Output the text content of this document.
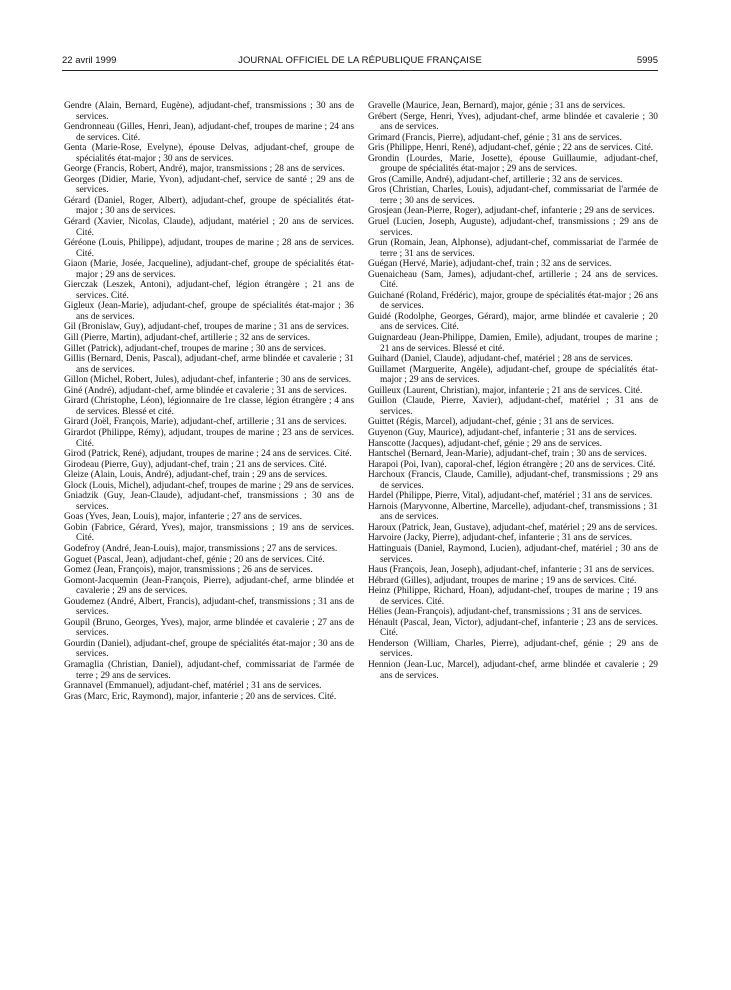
22 avril 1999	JOURNAL OFFICIEL DE LA RÉPUBLIQUE FRANÇAISE	5995

Gendre (Alain, Bernard, Eugène), adjudant-chef, transmissions ; 30 ans de services.

Gendronneau (Gilles, Henri, Jean), adjudant-chef, troupes de marine ; 24 ans de services. Cité.

Genta (Marie-Rose, Evelyne), épouse Delvas, adjudant-chef, groupe de spécialités état-major ; 30 ans de services.

George (Francis, Robert, André), major, transmissions ; 28 ans de services.

Georges (Didier, Marie, Yvon), adjudant-chef, service de santé ; 29 ans de services.

Gérard (Daniel, Roger, Albert), adjudant-chef, groupe de spécialités état-major ; 30 ans de services.

Gérard (Xavier, Nicolas, Claude), adjudant, matériel ; 20 ans de services. Cité.

Géréone (Louis, Philippe), adjudant, troupes de marine ; 28 ans de services. Cité.

Giaon (Marie, Josée, Jacqueline), adjudant-chef, groupe de spécialités état-major ; 29 ans de services.

Gierczak (Leszek, Antoni), adjudant-chef, légion étrangère ; 21 ans de services. Cité.

Gigleux (Jean-Marie), adjudant-chef, groupe de spécialités état-major ; 36 ans de services.

Gil (Bronislaw, Guy), adjudant-chef, troupes de marine ; 31 ans de services.

Gill (Pierre, Martin), adjudant-chef, artillerie ; 32 ans de services.

Gillet (Patrick), adjudant-chef, troupes de marine ; 30 ans de services.

Gillis (Bernard, Denis, Pascal), adjudant-chef, arme blindée et cavalerie ; 31 ans de services.

Gillon (Michel, Robert, Jules), adjudant-chef, infanterie ; 30 ans de services.

Giné (André), adjudant-chef, arme blindée et cavalerie ; 31 ans de services.

Girard (Christophe, Léon), légionnaire de 1re classe, légion étrangère ; 4 ans de services. Blessé et cité.

Girard (Joël, François, Marie), adjudant-chef, artillerie ; 31 ans de services.

Girardot (Philippe, Rémy), adjudant, troupes de marine ; 23 ans de services. Cité.

Girod (Patrick, René), adjudant, troupes de marine ; 24 ans de services. Cité.

Girodeau (Pierre, Guy), adjudant-chef, train ; 21 ans de services. Cité.

Gleize (Alain, Louis, André), adjudant-chef, train ; 29 ans de services.

Glock (Louis, Michel), adjudant-chef, troupes de marine ; 29 ans de services.

Gniadzik (Guy, Jean-Claude), adjudant-chef, transmissions ; 30 ans de services.

Goas (Yves, Jean, Louis), major, infanterie ; 27 ans de services.

Gobin (Fabrice, Gérard, Yves), major, transmissions ; 19 ans de services. Cité.

Godefroy (André, Jean-Louis), major, transmissions ; 27 ans de services.

Goguet (Pascal, Jean), adjudant-chef, génie ; 20 ans de services. Cité.

Gomez (Jean, François), major, transmissions ; 26 ans de services.

Gomont-Jacquemin (Jean-François, Pierre), adjudant-chef, arme blindée et cavalerie ; 29 ans de services.

Goudemez (André, Albert, Francis), adjudant-chef, transmissions ; 31 ans de services.

Goupil (Bruno, Georges, Yves), major, arme blindée et cavalerie ; 27 ans de services.

Gourdin (Daniel), adjudant-chef, groupe de spécialités état-major ; 30 ans de services.

Gramaglia (Christian, Daniel), adjudant-chef, commissariat de l'armée de terre ; 29 ans de services.

Grannavel (Emmanuel), adjudant-chef, matériel ; 31 ans de services.

Gras (Marc, Eric, Raymond), major, infanterie ; 20 ans de services. Cité.

Gravelle (Maurice, Jean, Bernard), major, génie ; 31 ans de services.

Grébert (Serge, Henri, Yves), adjudant-chef, arme blindée et cavalerie ; 30 ans de services.

Grimard (Francis, Pierre), adjudant-chef, génie ; 31 ans de services.

Gris (Philippe, Henri, René), adjudant-chef, génie ; 22 ans de services. Cité.

Grondin (Lourdes, Marie, Josette), épouse Guillaumie, adjudant-chef, groupe de spécialités état-major ; 29 ans de services.

Gros (Camille, André), adjudant-chef, artillerie ; 32 ans de services.

Gros (Christian, Charles, Louis), adjudant-chef, commissariat de l'armée de terre ; 30 ans de services.

Grosjean (Jean-Pierre, Roger), adjudant-chef, infanterie ; 29 ans de services.

Gruel (Lucien, Joseph, Auguste), adjudant-chef, transmissions ; 29 ans de services.

Grun (Romain, Jean, Alphonse), adjudant-chef, commissariat de l'armée de terre ; 31 ans de services.

Guégan (Hervé, Marie), adjudant-chef, train ; 32 ans de services.

Guenaicheau (Sam, James), adjudant-chef, artillerie ; 24 ans de services. Cité.

Guichané (Roland, Frédéric), major, groupe de spécialités état-major ; 26 ans de services.

Guidé (Rodolphe, Georges, Gérard), major, arme blindée et cavalerie ; 20 ans de services. Cité.

Guignardeau (Jean-Philippe, Damien, Emile), adjudant, troupes de marine ; 21 ans de services. Blessé et cité.

Guihard (Daniel, Claude), adjudant-chef, matériel ; 28 ans de services.

Guillamet (Marguerite, Angèle), adjudant-chef, groupe de spécialités état-major ; 29 ans de services.

Guilleux (Laurent, Christian), major, infanterie ; 21 ans de services. Cité.

Guillon (Claude, Pierre, Xavier), adjudant-chef, matériel ; 31 ans de services.

Guittet (Régis, Marcel), adjudant-chef, génie ; 31 ans de services.

Guyenon (Guy, Maurice), adjudant-chef, infanterie ; 31 ans de services.

Hanscotte (Jacques), adjudant-chef, génie ; 29 ans de services.

Hantschel (Bernard, Jean-Marie), adjudant-chef, train ; 30 ans de services.

Harapoi (Poi, Ivan), caporal-chef, légion étrangère ; 20 ans de services. Cité.

Harchoux (Francis, Claude, Camille), adjudant-chef, transmissions ; 29 ans de services.

Hardel (Philippe, Pierre, Vital), adjudant-chef, matériel ; 31 ans de services.

Harnois (Maryvonne, Albertine, Marcelle), adjudant-chef, transmissions ; 31 ans de services.

Haroux (Patrick, Jean, Gustave), adjudant-chef, matériel ; 29 ans de services.

Harvoire (Jacky, Pierre), adjudant-chef, infanterie ; 31 ans de services.

Hattinguais (Daniel, Raymond, Lucien), adjudant-chef, matériel ; 30 ans de services.

Haus (François, Jean, Joseph), adjudant-chef, infanterie ; 31 ans de services.

Hébrard (Gilles), adjudant, troupes de marine ; 19 ans de services. Cité.

Heinz (Philippe, Richard, Hoan), adjudant-chef, troupes de marine ; 19 ans de services. Cité.

Hélies (Jean-François), adjudant-chef, transmissions ; 31 ans de services.

Hénault (Pascal, Jean, Victor), adjudant-chef, infanterie ; 23 ans de services. Cité.

Henderson (William, Charles, Pierre), adjudant-chef, génie ; 29 ans de services.

Hennion (Jean-Luc, Marcel), adjudant-chef, arme blindée et cavalerie ; 29 ans de services.
